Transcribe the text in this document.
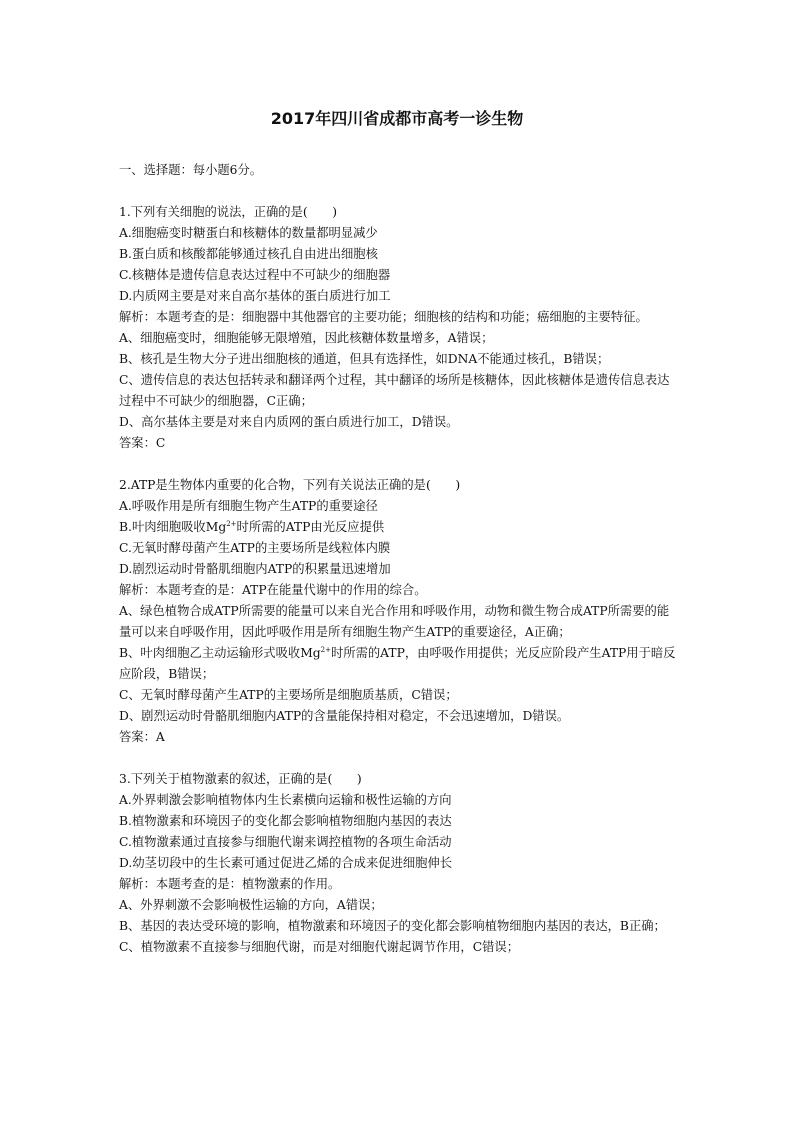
2017年四川省成都市高考一诊生物

一、选择题：每小题6分。

1.下列有关细胞的说法，正确的是(　　)

A.细胞癌变时糖蛋白和核糖体的数量都明显减少

B.蛋白质和核酸都能够通过核孔自由进出细胞核

C.核糖体是遗传信息表达过程中不可缺少的细胞器

D.内质网主要是对来自高尔基体的蛋白质进行加工

解析：本题考查的是：细胞器中其他器官的主要功能；细胞核的结构和功能；癌细胞的主要特征。

A、细胞癌变时，细胞能够无限增殖，因此核糖体数量增多，A错误；

B、核孔是生物大分子进出细胞核的通道，但具有选择性，如DNA不能通过核孔，B错误；

C、遗传信息的表达包括转录和翻译两个过程，其中翻译的场所是核糖体，因此核糖体是遗传信息表达过程中不可缺少的细胞器，C正确；

D、高尔基体主要是对来自内质网的蛋白质进行加工，D错误。

答案：C

2.ATP是生物体内重要的化合物，下列有关说法正确的是(　　)

A.呼吸作用是所有细胞生物产生ATP的重要途径

B.叶肉细胞吸收$Mg^{2+}$时所需的ATP由光反应提供

C.无氧时酵母菌产生ATP的主要场所是线粒体内膜

D.剧烈运动时骨骼肌细胞内ATP的积累量迅速增加

解析：本题考查的是：ATP在能量代谢中的作用的综合。

A、绿色植物合成ATP所需要的能量可以来自光合作用和呼吸作用，动物和微生物合成ATP所需要的能量可以来自呼吸作用，因此呼吸作用是所有细胞生物产生ATP的重要途径，A正确；

B、叶肉细胞乙主动运输形式吸收$Mg^{2+}$时所需的ATP，由呼吸作用提供；光反应阶段产生ATP用于暗反应阶段，B错误；

C、无氧时酵母菌产生ATP的主要场所是细胞质基质，C错误；

D、剧烈运动时骨骼肌细胞内ATP的含量能保持相对稳定，不会迅速增加，D错误。

答案：A

3.下列关于植物激素的叙述，正确的是(　　)

A.外界刺激会影响植物体内生长素横向运输和极性运输的方向

B.植物激素和环境因子的变化都会影响植物细胞内基因的表达

C.植物激素通过直接参与细胞代谢来调控植物的各项生命活动

D.幼茎切段中的生长素可通过促进乙烯的合成来促进细胞伸长

解析：本题考查的是：植物激素的作用。

A、外界刺激不会影响极性运输的方向，A错误；

B、基因的表达受环境的影响，植物激素和环境因子的变化都会影响植物细胞内基因的表达，B正确；

C、植物激素不直接参与细胞代谢，而是对细胞代谢起调节作用，C错误；
